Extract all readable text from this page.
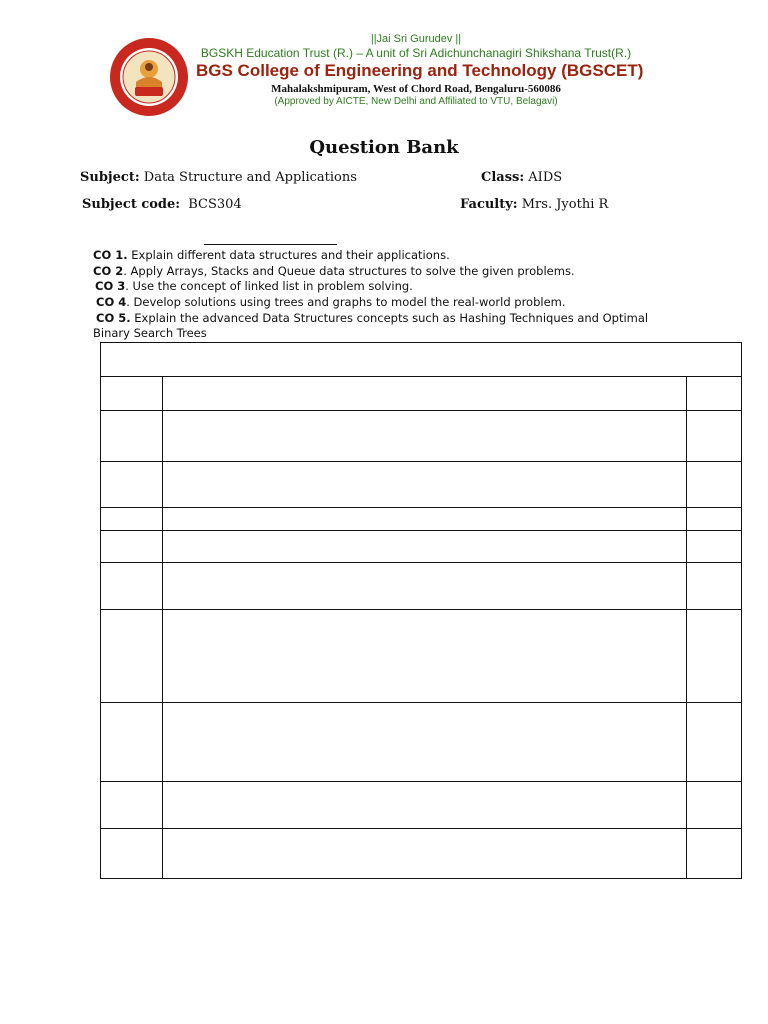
||Jai Sri Gurudev ||
BGSKH Education Trust (R.) – A unit of Sri Adichunchanagiri Shikshana Trust(R.)
BGS College of Engineering and Technology (BGSCET)
Mahalakshmipuram, West of Chord Road, Bengaluru-560086
(Approved by AICTE, New Delhi and Affiliated to VTU, Belagavi)
Question Bank
Subject: Data Structure and Applications	Class: AIDS
Subject code: BCS304	Faculty: Mrs. Jyothi R
CO 1. Explain different data structures and their applications.
CO 2. Apply Arrays, Stacks and Queue data structures to solve the given problems.
CO 3. Use the concept of linked list in problem solving.
CO 4. Develop solutions using trees and graphs to model the real-world problem.
CO 5. Explain the advanced Data Structures concepts such as Hashing Techniques and Optimal
Binary Search Trees
